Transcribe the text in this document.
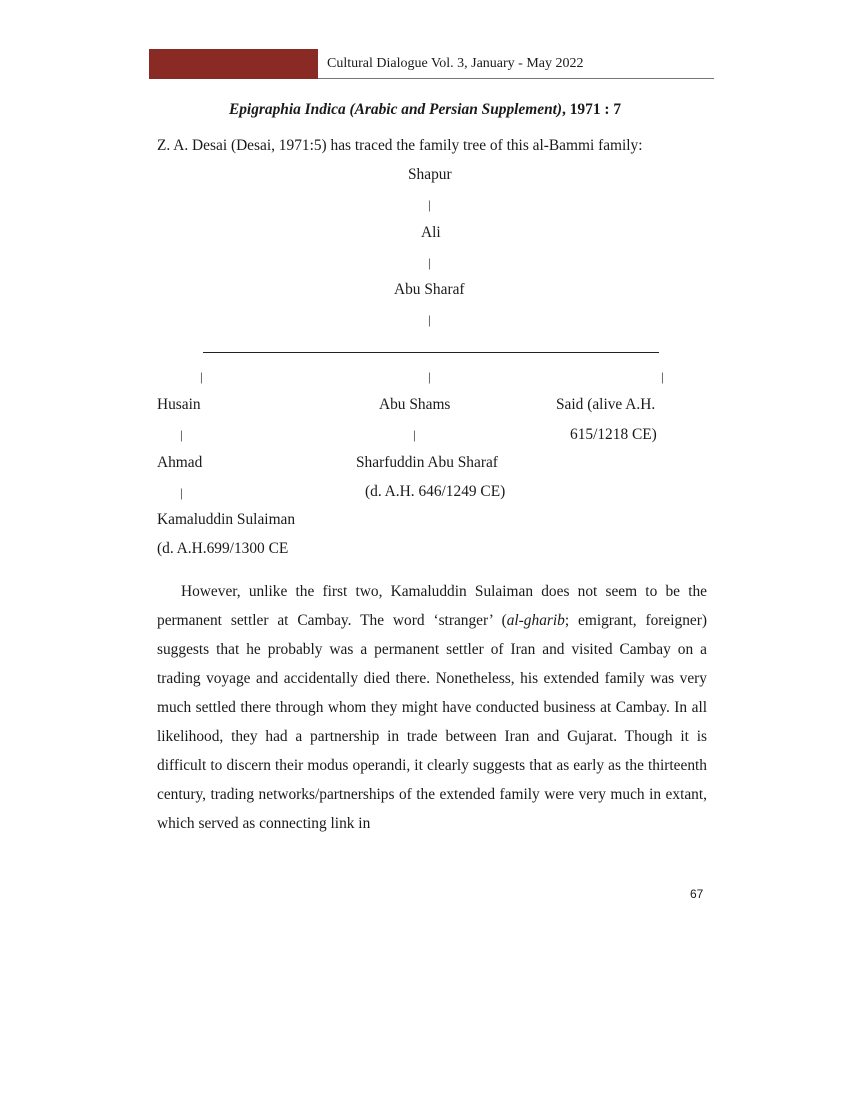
Cultural Dialogue Vol. 3, January - May 2022
Epigraphia Indica (Arabic and Persian Supplement), 1971 : 7
Z. A. Desai (Desai, 1971:5) has traced the family tree of this al-Bammi family:
Shapur
|
Ali
|
Abu Sharaf
|
|	|	|
Husain	Abu Shams	Said (alive A.H.
|	|	615/1218 CE)
Ahmad	Sharfuddin Abu Sharaf
|	(d. A.H. 646/1249 CE)
Kamaluddin Sulaiman
(d. A.H.699/1300 CE

However, unlike the first two, Kamaluddin Sulaiman does not seem to be the permanent settler at Cambay. The word ‘stranger’ (al-gharib; emigrant, foreigner) suggests that he probably was a permanent settler of Iran and visited Cambay on a trading voyage and accidentally died there. Nonetheless, his extended family was very much settled there through whom they might have conducted business at Cambay. In all likelihood, they had a partnership in trade between Iran and Gujarat. Though it is difficult to discern their modus operandi, it clearly suggests that as early as the thirteenth century, trading networks/partnerships of the extended family were very much in extant, which served as connecting link in

67
